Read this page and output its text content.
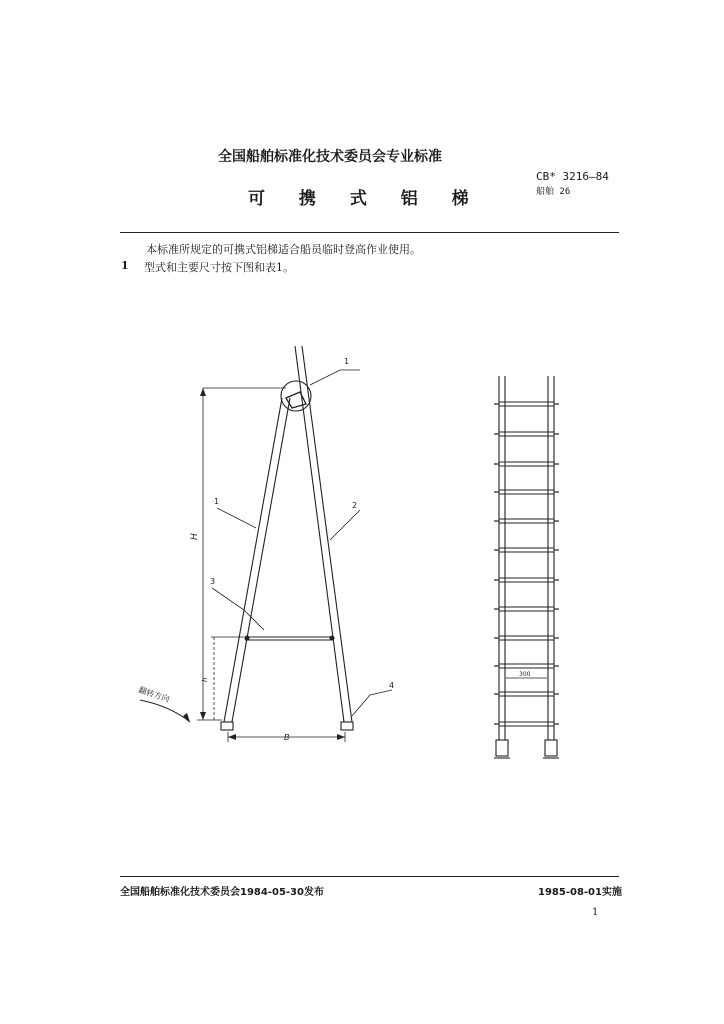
全国船舶标准化技术委员会专业标准
可 携 式 铝 梯
CB* 3216—84
船舶 26
本标准所规定的可携式铝梯适合船员临时登高作业使用。
1 型式和主要尺寸按下图和表1。
1
1	2
3
4
H
h
B
300
翻转方向
全国船舶标准化技术委员会1984-05-30发布	1985-08-01实施
1
